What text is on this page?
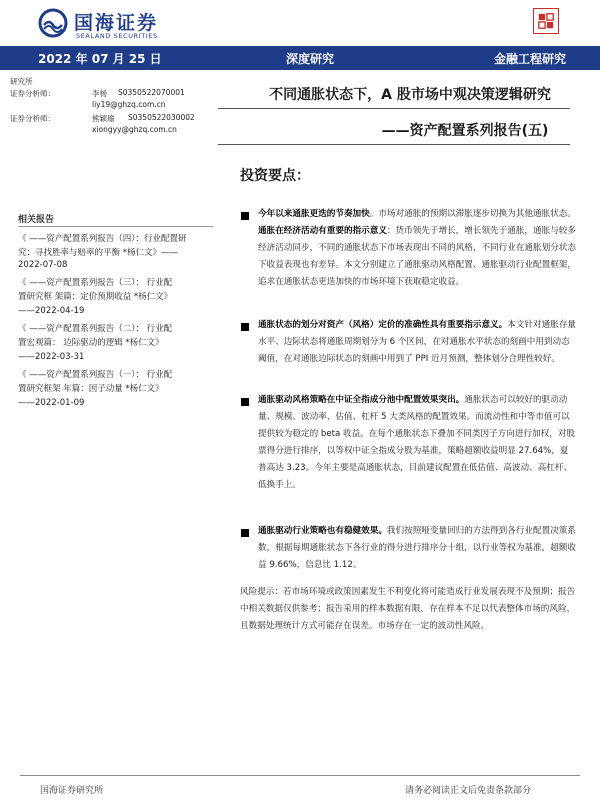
国海证券
SEALAND SECURITIES
2022 年 07 月 25 日	深度研究	金融工程研究
研究所
证券分析师：	李杨 S0350522070001
liy19@ghzq.com.cn
证券分析师：	熊颖瑜 S0350522030002
xiongyy@ghzq.com.cn
不同通胀状态下，A 股市场中观决策逻辑研究
——资产配置系列报告(五)
投资要点：
相关报告
《 ——资产配置系列报告（四）：行业配置研
究：寻找胜率与赔率的平衡 *杨仁文》——
2022-07-08
《 ——资产配置系列报告（三）： 行业配
置研究框 架篇：定价预期收益 *杨仁文》
——2022-04-19
《 ——资产配置系列报告（二）： 行业配
置宏观篇： 边际驱动的逻辑 *杨仁文》
——2022-03-31
《 ——资产配置系列报告（一）： 行业配
置研究框架 年篇：因子动量 *杨仁文》
——2022-01-09
今年以来通胀更迭的节奏加快。市场对通胀的预期以滞胀逐步切换为其他通胀状态。通胀在经济活动有重要的指示意义：货币领先于增长，增长领先于通胀，通胀与较多经济活动同步，不同的通胀状态下市场表现出不同的风格，不同行业在通胀划分状态下收益表现也有差异。本文分别建立了通胀驱动风格配置、通胀驱动行业配置框架，追求在通胀状态更迭加快的市场环境下获取稳定收益。
通胀状态的划分对资产（风格）定价的准确性具有重要指示意义。本文针对通胀存量水平、边际状态将通胀周期划分为 6 个区间，在对通胀水平状态的刻画中用到动态阈值，在对通胀边际状态的刻画中用到了 PPI 近月预测，整体划分合理性较好。
通胀驱动风格策略在中证全指成分池中配置效果突出。通胀状态可以较好的驱动动量、规模、波动率、估值、杠杆 5 大类风格的配置效果。而流动性和中等市值可以提供较为稳定的 beta 收益。在每个通胀状态下叠加不同类因子方向进行加权，对股票得分进行排序，以等权中证全指成分股为基准，策略超额收益明显 27.64%，夏普高达 3.23。今年主要是高通胀状态，目前建议配置在低估值、高波动、高杠杆、低换手上。
通胀驱动行业策略也有稳健效果。我们按照哑变量回归的方法得到各行业配置决策系数，根据每期通胀状态下各行业的得分进行排序分十组，以行业等权为基准，超额收益 9.66%，信息比 1.12。
风险提示：若市场环境或政策因素发生不利变化将可能造成行业发展表现不及预期；报告中相关数据仅供参考；报告采用的样本数据有限，存在样本不足以代表整体市场的风险，且数据处理统计方式可能存在误差。市场存在一定的波动性风险。
国海证券研究所	请务必阅读正文后免责条款部分
